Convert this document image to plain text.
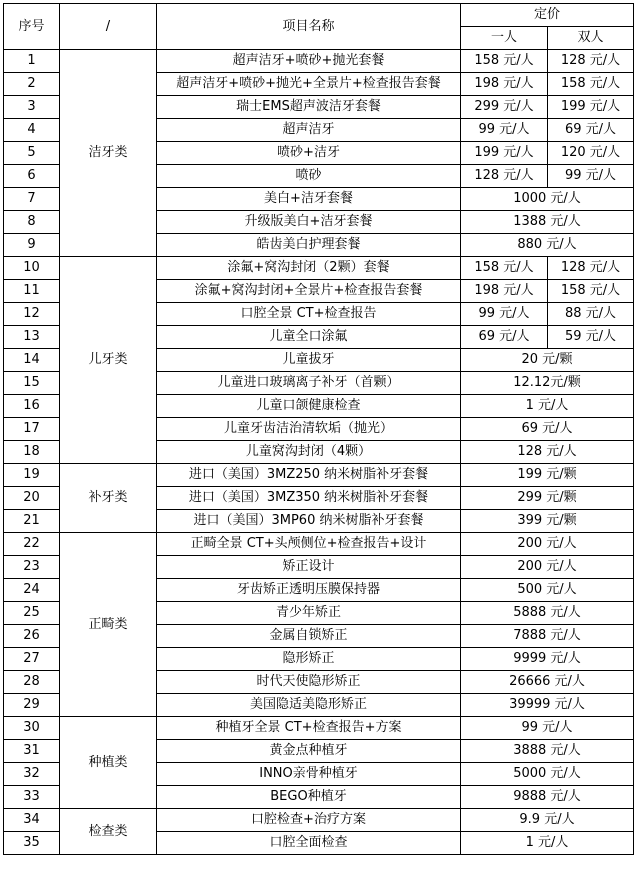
序号	/	项目名称	定价	
			一人	双人
1	洁牙类	超声洁牙+喷砂+抛光套餐	158 元/人	128 元/人
2		超声洁牙+喷砂+抛光+全景片+检查报告套餐	198 元/人	158 元/人
3		瑞士EMS超声波洁牙套餐	299 元/人	199 元/人
4		超声洁牙	99 元/人	69 元/人
5		喷砂+洁牙	199 元/人	120 元/人
6		喷砂	128 元/人	99 元/人
7		美白+洁牙套餐	1000 元/人	
8		升级版美白+洁牙套餐	1388 元/人	
9		皓齿美白护理套餐	880 元/人	
10	儿牙类	涂氟+窝沟封闭（2颗）套餐	158 元/人	128 元/人
11		涂氟+窝沟封闭+全景片+检查报告套餐	198 元/人	158 元/人
12		口腔全景 CT+检查报告	99 元/人	88 元/人
13		儿童全口涂氟	69 元/人	59 元/人
14		儿童拔牙	20 元/颗	
15		儿童进口玻璃离子补牙（首颗）	12.12元/颗	
16		儿童口颌健康检查	1 元/人	
17		儿童牙齿洁治清软垢（抛光）	69 元/人	
18		儿童窝沟封闭（4颗）	128 元/人	
19	补牙类	进口（美国）3MZ250 纳米树脂补牙套餐	199 元/颗	
20		进口（美国）3MZ350 纳米树脂补牙套餐	299 元/颗	
21		进口（美国）3MP60 纳米树脂补牙套餐	399 元/颗	
22	正畸类	正畸全景 CT+头颅侧位+检查报告+设计	200 元/人	
23		矫正设计	200 元/人	
24		牙齿矫正透明压膜保持器	500 元/人	
25		青少年矫正	5888 元/人	
26		金属自锁矫正	7888 元/人	
27		隐形矫正	9999 元/人	
28		时代天使隐形矫正	26666 元/人	
29		美国隐适美隐形矫正	39999 元/人	
30	种植类	种植牙全景 CT+检查报告+方案	99 元/人	
31		黄金点种植牙	3888 元/人	
32		INNO亲骨种植牙	5000 元/人	
33		BEGO种植牙	9888 元/人	
34	检查类	口腔检查+治疗方案	9.9 元/人	
35		口腔全面检查	1 元/人	
